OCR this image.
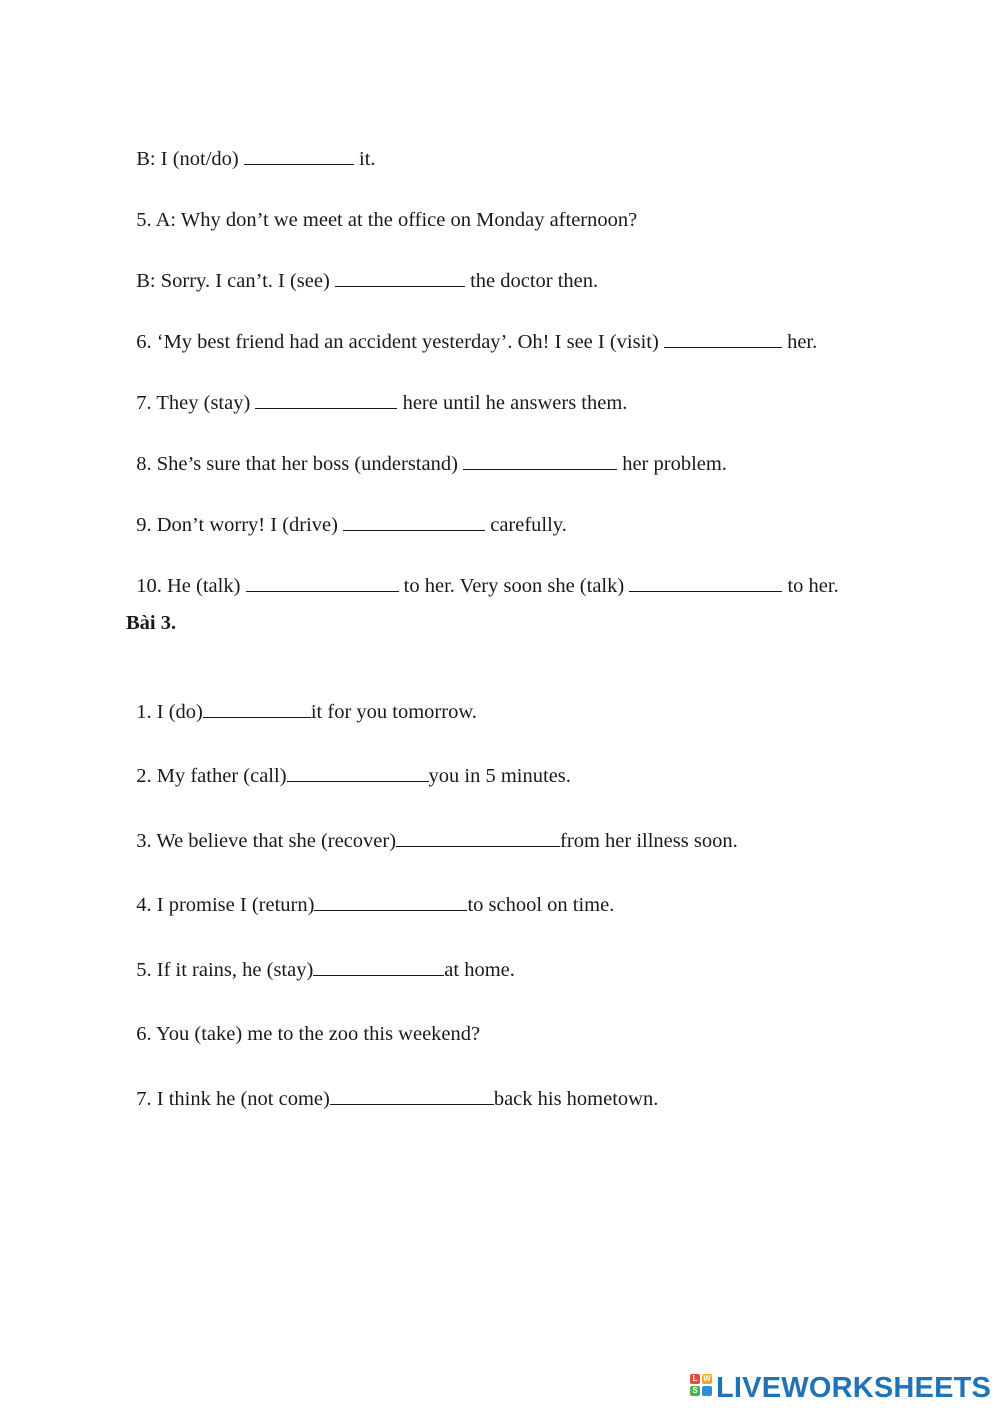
B: I (not/do)	it.

5. A: Why don’t we meet at the office on Monday afternoon?

B: Sorry. I can’t. I (see)	the doctor then.

6. ‘My best friend had an accident yesterday’. Oh! I see I (visit)	her.

7. They (stay)	here until he answers them.

8. She’s sure that her boss (understand)	her problem.

9. Don’t worry! I (drive)	carefully.

10. He (talk)	to her. Very soon she (talk)	to her.

Bài 3.

1. I (do)	it for you tomorrow.

2. My father (call)	you in 5 minutes.

3. We believe that she (recover)	from her illness soon.

4. I promise I (return)	to school on time.

5. If it rains, he (stay)	at home.

6. You (take) me to the zoo this weekend?

7. I think he (not come)	back his hometown.

L W
S LIVEWORKSHEETS
